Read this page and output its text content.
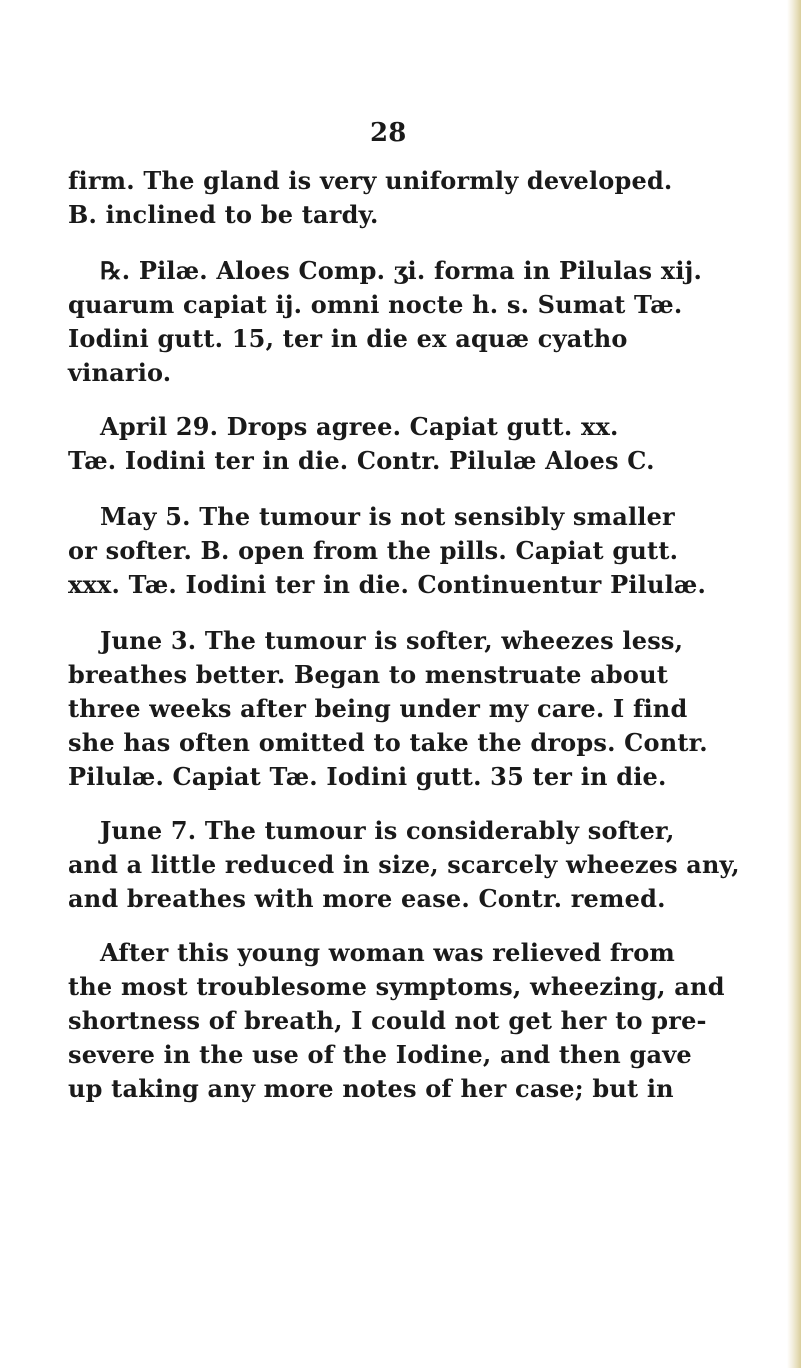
28
firm. The gland is very uniformly developed.
B. inclined to be tardy.
℞. Pilæ. Aloes Comp. ʒi. forma in Pilulas xij.
quarum capiat ij. omni nocte h. s. Sumat Tæ.
Iodini gutt. 15, ter in die ex aquæ cyatho
vinario.
April 29. Drops agree. Capiat gutt. xx.
Tæ. Iodini ter in die. Contr. Pilulæ Aloes C.
May 5. The tumour is not sensibly smaller
or softer. B. open from the pills. Capiat gutt.
xxx. Tæ. Iodini ter in die. Continuentur Pilulæ.
June 3. The tumour is softer, wheezes less,
breathes better. Began to menstruate about
three weeks after being under my care. I find
she has often omitted to take the drops. Contr.
Pilulæ. Capiat Tæ. Iodini gutt. 35 ter in die.
June 7. The tumour is considerably softer,
and a little reduced in size, scarcely wheezes any,
and breathes with more ease. Contr. remed.
After this young woman was relieved from
the most troublesome symptoms, wheezing, and
shortness of breath, I could not get her to pre-
severe in the use of the Iodine, and then gave
up taking any more notes of her case; but in
